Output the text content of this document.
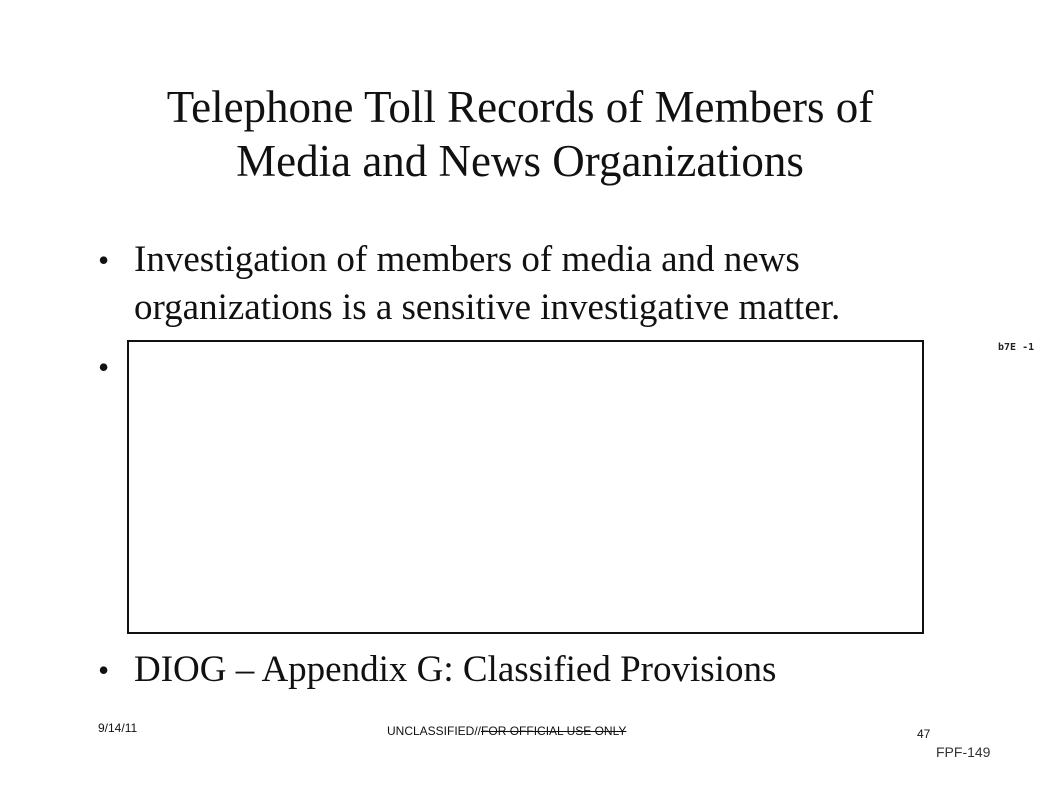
Telephone Toll Records of Members of
Media and News Organizations
• Investigation of members of media and news
organizations is a sensitive investigative matter.
•
b7E -1
• DIOG – Appendix G: Classified Provisions
9/14/11	UNCLASSIFIED//FOR OFFICIAL USE ONLY	47
FPF-149
